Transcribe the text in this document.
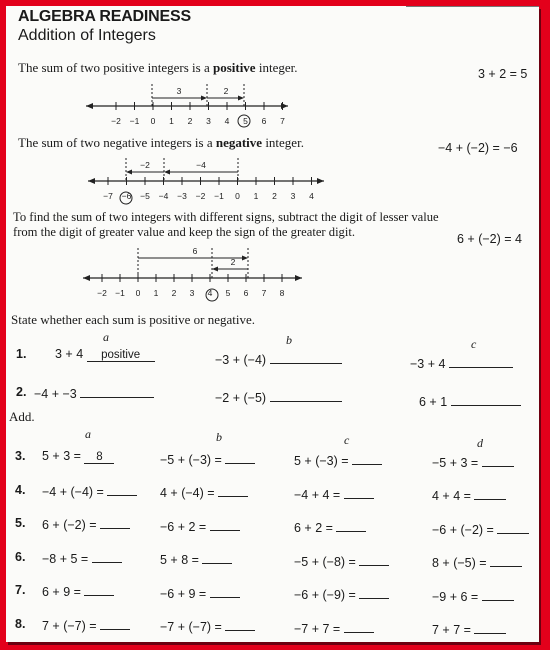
ALGEBRA READINESS
Addition of Integers
The sum of two positive integers is a positive integer.	3 + 2 = 5
−2 −1 0 1 2 3 4 5 6 7
3	2
The sum of two negative integers is a negative integer.	−4 + (−2) = −6
−7 −6 −5 −4 −3 −2 −1 0 1 2 3 4
−2	−4
To find the sum of two integers with different signs, subtract the digit of lesser value
from the digit of greater value and keep the sign of the greater digit.	6 + (−2) = 4
−2 −1 0 1 2 3 4 5 6 7 8
6
2
State whether each sum is positive or negative.
a	b	c
1. 3 + 4 positive	−3 + (−4)	−3 + 4
2. −4 + −3	−2 + (−5)	6 + 1
Add.
a	b	c	d
3. 5 + 3 = 8	−5 + (−3) =	5 + (−3) =	−5 + 3 =
4. −4 + (−4) =	4 + (−4) =	−4 + 4 =	4 + 4 =
5. 6 + (−2) =	−6 + 2 =	6 + 2 =	−6 + (−2) =
6. −8 + 5 =	5 + 8 =	−5 + (−8) =	8 + (−5) =
7. 6 + 9 =	−6 + 9 =	−6 + (−9) =	−9 + 6 =
8. 7 + (−7) =	−7 + (−7) =	−7 + 7 =	7 + 7 =
